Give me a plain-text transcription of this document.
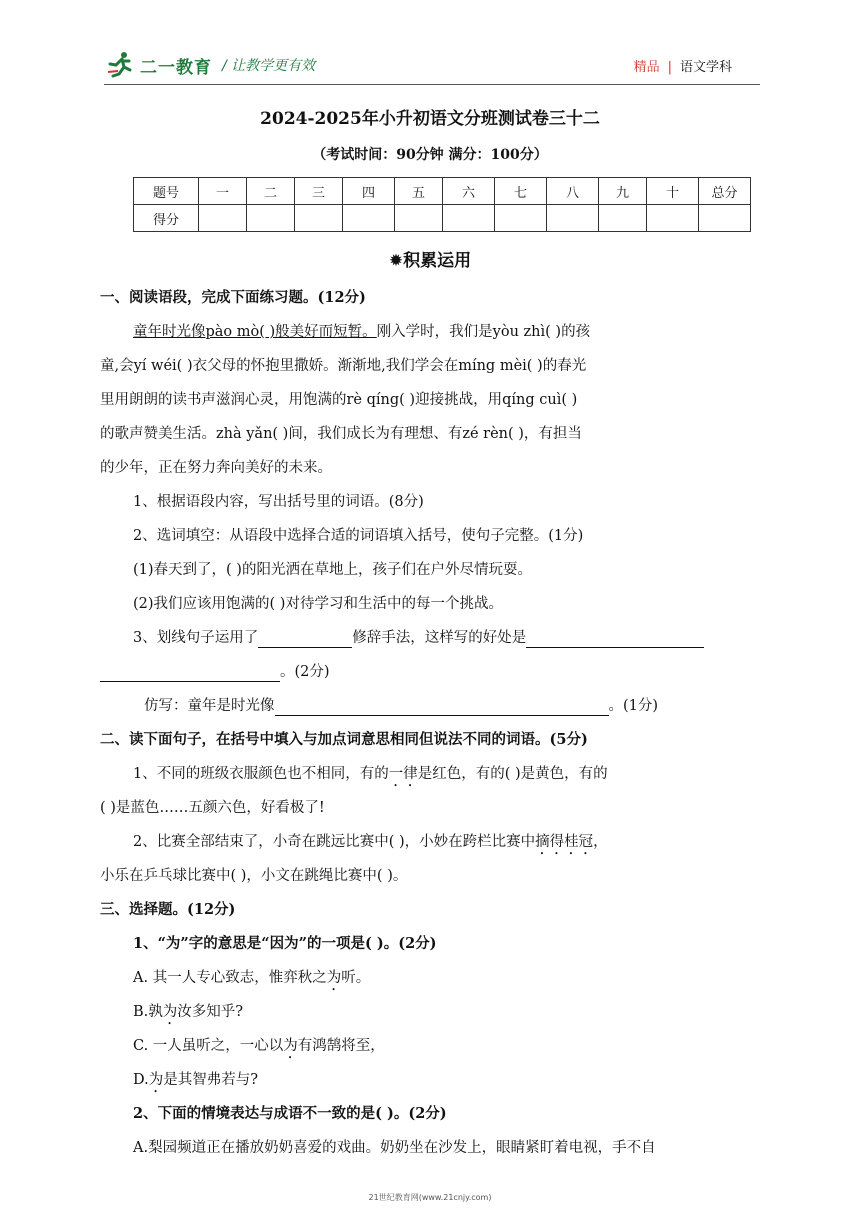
二一教育 / 让教学更有效	精品 | 语文学科
2024-2025年小升初语文分班测试卷三十二
（考试时间：90分钟 满分：100分）
题号	一	二	三	四	五	六	七	八	九	十	总分
得分											
✹积累运用
一、阅读语段，完成下面练习题。(12分)
童年时光像pào mò( )般美好而短暂。刚入学时，我们是yòu zhì( )的孩
童,会yí wéi( )衣父母的怀抱里撒娇。渐渐地,我们学会在míng mèi( )的春光
里用朗朗的读书声滋润心灵，用饱满的rè qíng( )迎接挑战，用qíng cuì( )
的歌声赞美生活。zhà yǎn( )间，我们成长为有理想、有zé rèn( )，有担当
的少年，正在努力奔向美好的未来。
1、根据语段内容，写出括号里的词语。(8分)
2、选词填空：从语段中选择合适的词语填入括号，使句子完整。(1分)
(1)春天到了，( )的阳光洒在草地上，孩子们在户外尽情玩耍。
(2)我们应该用饱满的( )对待学习和生活中的每一个挑战。
3、划线句子运用了	修辞手法，这样写的好处是
。(2分)
仿写：童年是时光像	。(1分)
二、读下面句子，在括号中填入与加点词意思相同但说法不同的词语。(5分)
1、不同的班级衣服颜色也不相同，有的一律是红色，有的( )是黄色，有的
( )是蓝色……五颜六色，好看极了!
2、比赛全部结束了，小奇在跳远比赛中( )，小妙在跨栏比赛中摘得桂冠，
小乐在乒乓球比赛中( )，小文在跳绳比赛中( )。
三、选择题。(12分)
1、“为”字的意思是“因为”的一项是( )。(2分)
A. 其一人专心致志，惟弈秋之为听。
B.孰为汝多知乎?
C. 一人虽听之，一心以为有鸿鹄将至，
D.为是其智弗若与?
2、下面的情境表达与成语不一致的是( )。(2分)
A.梨园频道正在播放奶奶喜爱的戏曲。奶奶坐在沙发上，眼睛紧盯着电视，手不自
21世纪教育网(www.21cnjy.com)
